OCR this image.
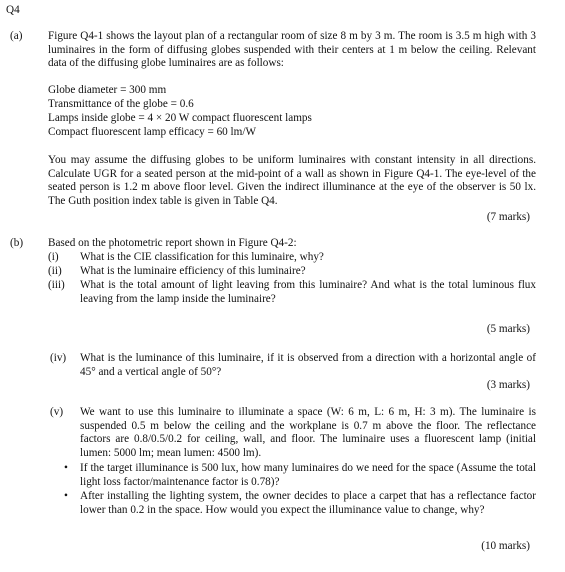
Q4
(a) Figure Q4-1 shows the layout plan of a rectangular room of size 8 m by 3 m. The room is 3.5 m high with 3 luminaires in the form of diffusing globes suspended with their centers at 1 m below the ceiling. Relevant data of the diffusing globe luminaires are as follows:
Globe diameter = 300 mm
Transmittance of the globe = 0.6
Lamps inside globe = 4 × 20 W compact fluorescent lamps
Compact fluorescent lamp efficacy = 60 lm/W
You may assume the diffusing globes to be uniform luminaires with constant intensity in all directions. Calculate UGR for a seated person at the mid-point of a wall as shown in Figure Q4-1. The eye-level of the seated person is 1.2 m above floor level. Given the indirect illuminance at the eye of the observer is 50 lx. The Guth position index table is given in Table Q4.
(7 marks)
(b) Based on the photometric report shown in Figure Q4-2:
(i) What is the CIE classification for this luminaire, why?
(ii) What is the luminaire efficiency of this luminaire?
(iii) What is the total amount of light leaving from this luminaire? And what is the total luminous flux leaving from the lamp inside the luminaire?
(5 marks)
(iv) What is the luminance of this luminaire, if it is observed from a direction with a horizontal angle of 45° and a vertical angle of 50°?
(3 marks)
(v) We want to use this luminaire to illuminate a space (W: 6 m, L: 6 m, H: 3 m). The luminaire is suspended 0.5 m below the ceiling and the workplane is 0.7 m above the floor. The reflectance factors are 0.8/0.5/0.2 for ceiling, wall, and floor. The luminaire uses a fluorescent lamp (initial lumen: 5000 lm; mean lumen: 4500 lm).
• If the target illuminance is 500 lux, how many luminaires do we need for the space (Assume the total light loss factor/maintenance factor is 0.78)?
• After installing the lighting system, the owner decides to place a carpet that has a reflectance factor lower than 0.2 in the space. How would you expect the illuminance value to change, why?
(10 marks)
